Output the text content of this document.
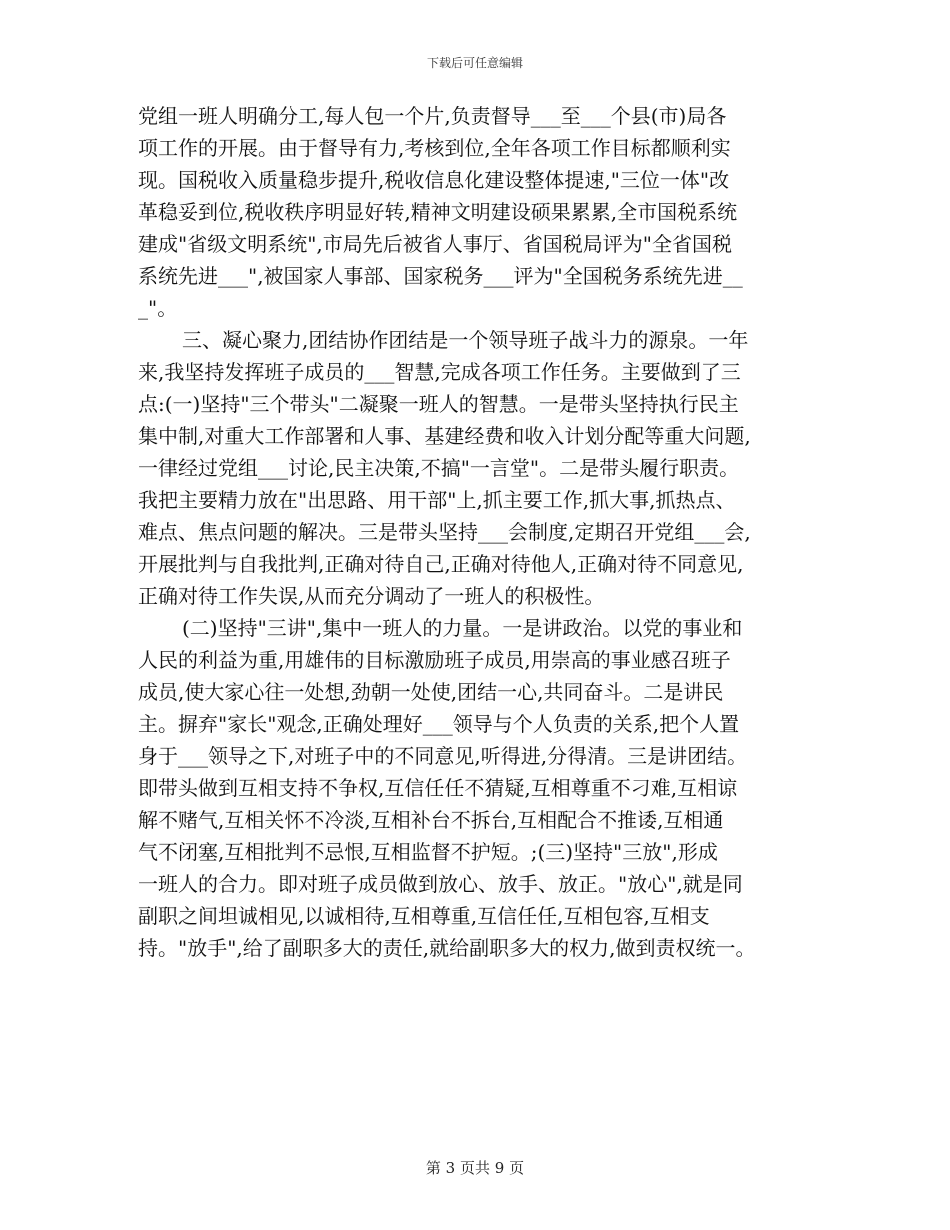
下载后可任意编辑
党组一班人明确分工,每人包一个片,负责督导___至___个县(市)局各
项工作的开展。由于督导有力,考核到位,全年各项工作目标都顺利实
现。国税收入质量稳步提升,税收信息化建设整体提速,"三位一体"改
革稳妥到位,税收秩序明显好转,精神文明建设硕果累累,全市国税系统
建成"省级文明系统",市局先后被省人事厅、省国税局评为"全省国税
系统先进___",被国家人事部、国家税务___评为"全国税务系统先进__
_"。
三、凝心聚力,团结协作团结是一个领导班子战斗力的源泉。一年
来,我坚持发挥班子成员的___智慧,完成各项工作任务。主要做到了三
点:(一)坚持"三个带头"二凝聚一班人的智慧。一是带头坚持执行民主
集中制,对重大工作部署和人事、基建经费和收入计划分配等重大问题,
一律经过党组___讨论,民主决策,不搞"一言堂"。二是带头履行职责。
我把主要精力放在"出思路、用干部"上,抓主要工作,抓大事,抓热点、
难点、焦点问题的解决。三是带头坚持___会制度,定期召开党组___会,
开展批判与自我批判,正确对待自己,正确对待他人,正确对待不同意见,
正确对待工作失误,从而充分调动了一班人的积极性。
(二)坚持"三讲",集中一班人的力量。一是讲政治。以党的事业和
人民的利益为重,用雄伟的目标激励班子成员,用崇高的事业感召班子
成员,使大家心往一处想,劲朝一处使,团结一心,共同奋斗。二是讲民
主。摒弃"家长"观念,正确处理好___领导与个人负责的关系,把个人置
身于___领导之下,对班子中的不同意见,听得进,分得清。三是讲团结。
即带头做到互相支持不争权,互信任任不猜疑,互相尊重不刁难,互相谅
解不赌气,互相关怀不冷淡,互相补台不拆台,互相配合不推诿,互相通
气不闭塞,互相批判不忌恨,互相监督不护短。;(三)坚持"三放",形成
一班人的合力。即对班子成员做到放心、放手、放正。"放心",就是同
副职之间坦诚相见,以诚相待,互相尊重,互信任任,互相包容,互相支
持。"放手",给了副职多大的责任,就给副职多大的权力,做到责权统一。
第 3 页共 9 页
